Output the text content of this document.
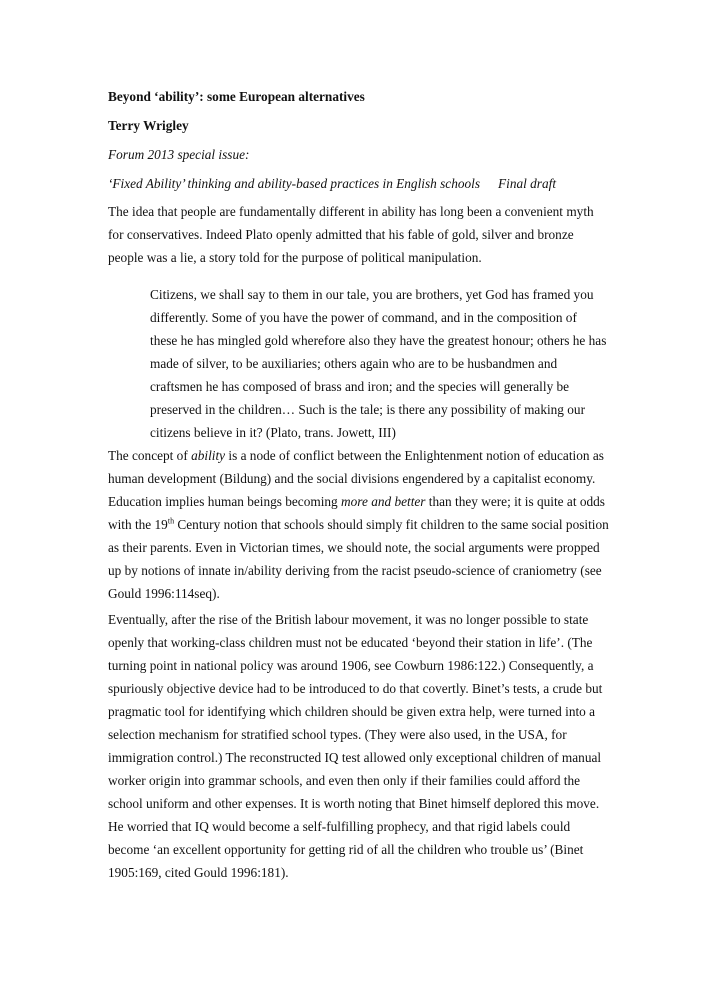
Beyond ‘ability’: some European alternatives
Terry Wrigley
Forum 2013 special issue:
‘Fixed Ability’ thinking and ability-based practices in English schools Final draft
The idea that people are fundamentally different in ability has long been a convenient myth
for conservatives. Indeed Plato openly admitted that his fable of gold, silver and bronze
people was a lie, a story told for the purpose of political manipulation.
Citizens, we shall say to them in our tale, you are brothers, yet God has framed you
differently. Some of you have the power of command, and in the composition of
these he has mingled gold wherefore also they have the greatest honour; others he has
made of silver, to be auxiliaries; others again who are to be husbandmen and
craftsmen he has composed of brass and iron; and the species will generally be
preserved in the children… Such is the tale; is there any possibility of making our
citizens believe in it? (Plato, trans. Jowett, III)
The concept of ability is a node of conflict between the Enlightenment notion of education as
human development (Bildung) and the social divisions engendered by a capitalist economy.
Education implies human beings becoming more and better than they were; it is quite at odds
with the 19th Century notion that schools should simply fit children to the same social position
as their parents. Even in Victorian times, we should note, the social arguments were propped
up by notions of innate in/ability deriving from the racist pseudo-science of craniometry (see
Gould 1996:114seq).
Eventually, after the rise of the British labour movement, it was no longer possible to state
openly that working-class children must not be educated ‘beyond their station in life’. (The
turning point in national policy was around 1906, see Cowburn 1986:122.) Consequently, a
spuriously objective device had to be introduced to do that covertly. Binet’s tests, a crude but
pragmatic tool for identifying which children should be given extra help, were turned into a
selection mechanism for stratified school types. (They were also used, in the USA, for
immigration control.) The reconstructed IQ test allowed only exceptional children of manual
worker origin into grammar schools, and even then only if their families could afford the
school uniform and other expenses. It is worth noting that Binet himself deplored this move.
He worried that IQ would become a self-fulfilling prophecy, and that rigid labels could
become ‘an excellent opportunity for getting rid of all the children who trouble us’ (Binet
1905:169, cited Gould 1996:181).
